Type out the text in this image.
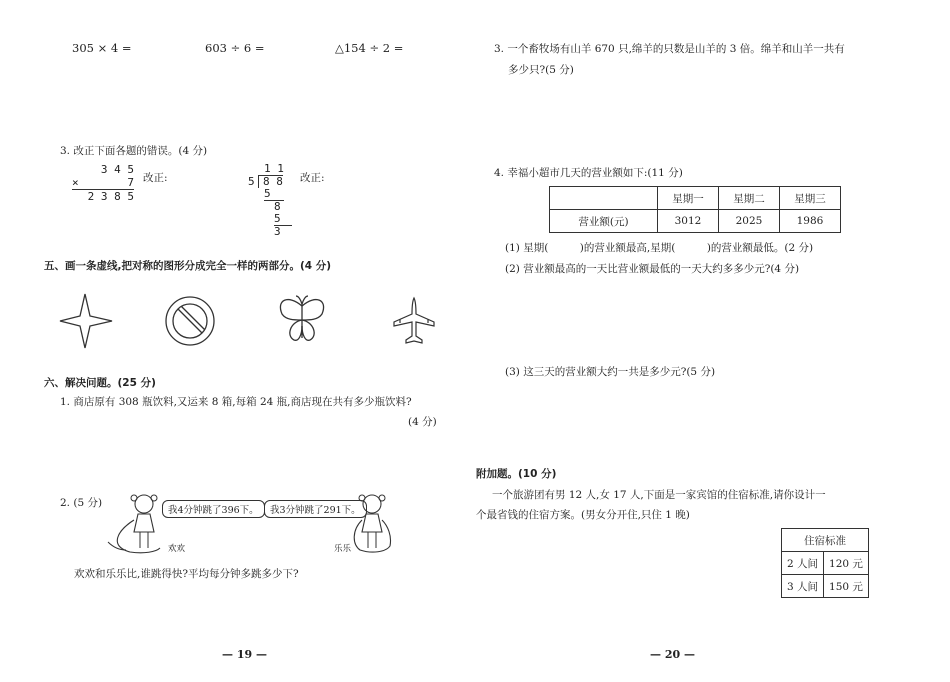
305 × 4 =	603 ÷ 6 =	△154 ÷ 2 =
3. 改正下面各题的错误。(4 分)
3 4 5
×	7
2 3 8 5
改正:
1 1
5 8 8
5
8
5
3
改正:
五、画一条虚线,把对称的图形分成完全一样的两部分。(4 分)
六、解决问题。(25 分)
1. 商店原有 308 瓶饮料,又运来 8 箱,每箱 24 瓶,商店现在共有多少瓶饮料?
(4 分)
2. (5 分)
我4分钟跳了396下。	我3分钟跳了291下。
欢欢	乐乐
欢欢和乐乐比,谁跳得快?平均每分钟多跳多少下?
— 19 —
3. 一个畜牧场有山羊 670 只,绵羊的只数是山羊的 3 倍。绵羊和山羊一共有
多少只?(5 分)
4. 幸福小超市几天的营业额如下:(11 分)
	星期一	星期二	星期三
营业额(元)	3012	2025	1986
(1) 星期(　　　)的营业额最高,星期(　　　)的营业额最低。(2 分)
(2) 营业额最高的一天比营业额最低的一天大约多多少元?(4 分)
(3) 这三天的营业额大约一共是多少元?(5 分)
附加题。(10 分)
一个旅游团有男 12 人,女 17 人,下面是一家宾馆的住宿标准,请你设计一
个最省钱的住宿方案。(男女分开住,只住 1 晚)
住宿标准	
2 人间	120 元
3 人间	150 元
— 20 —
